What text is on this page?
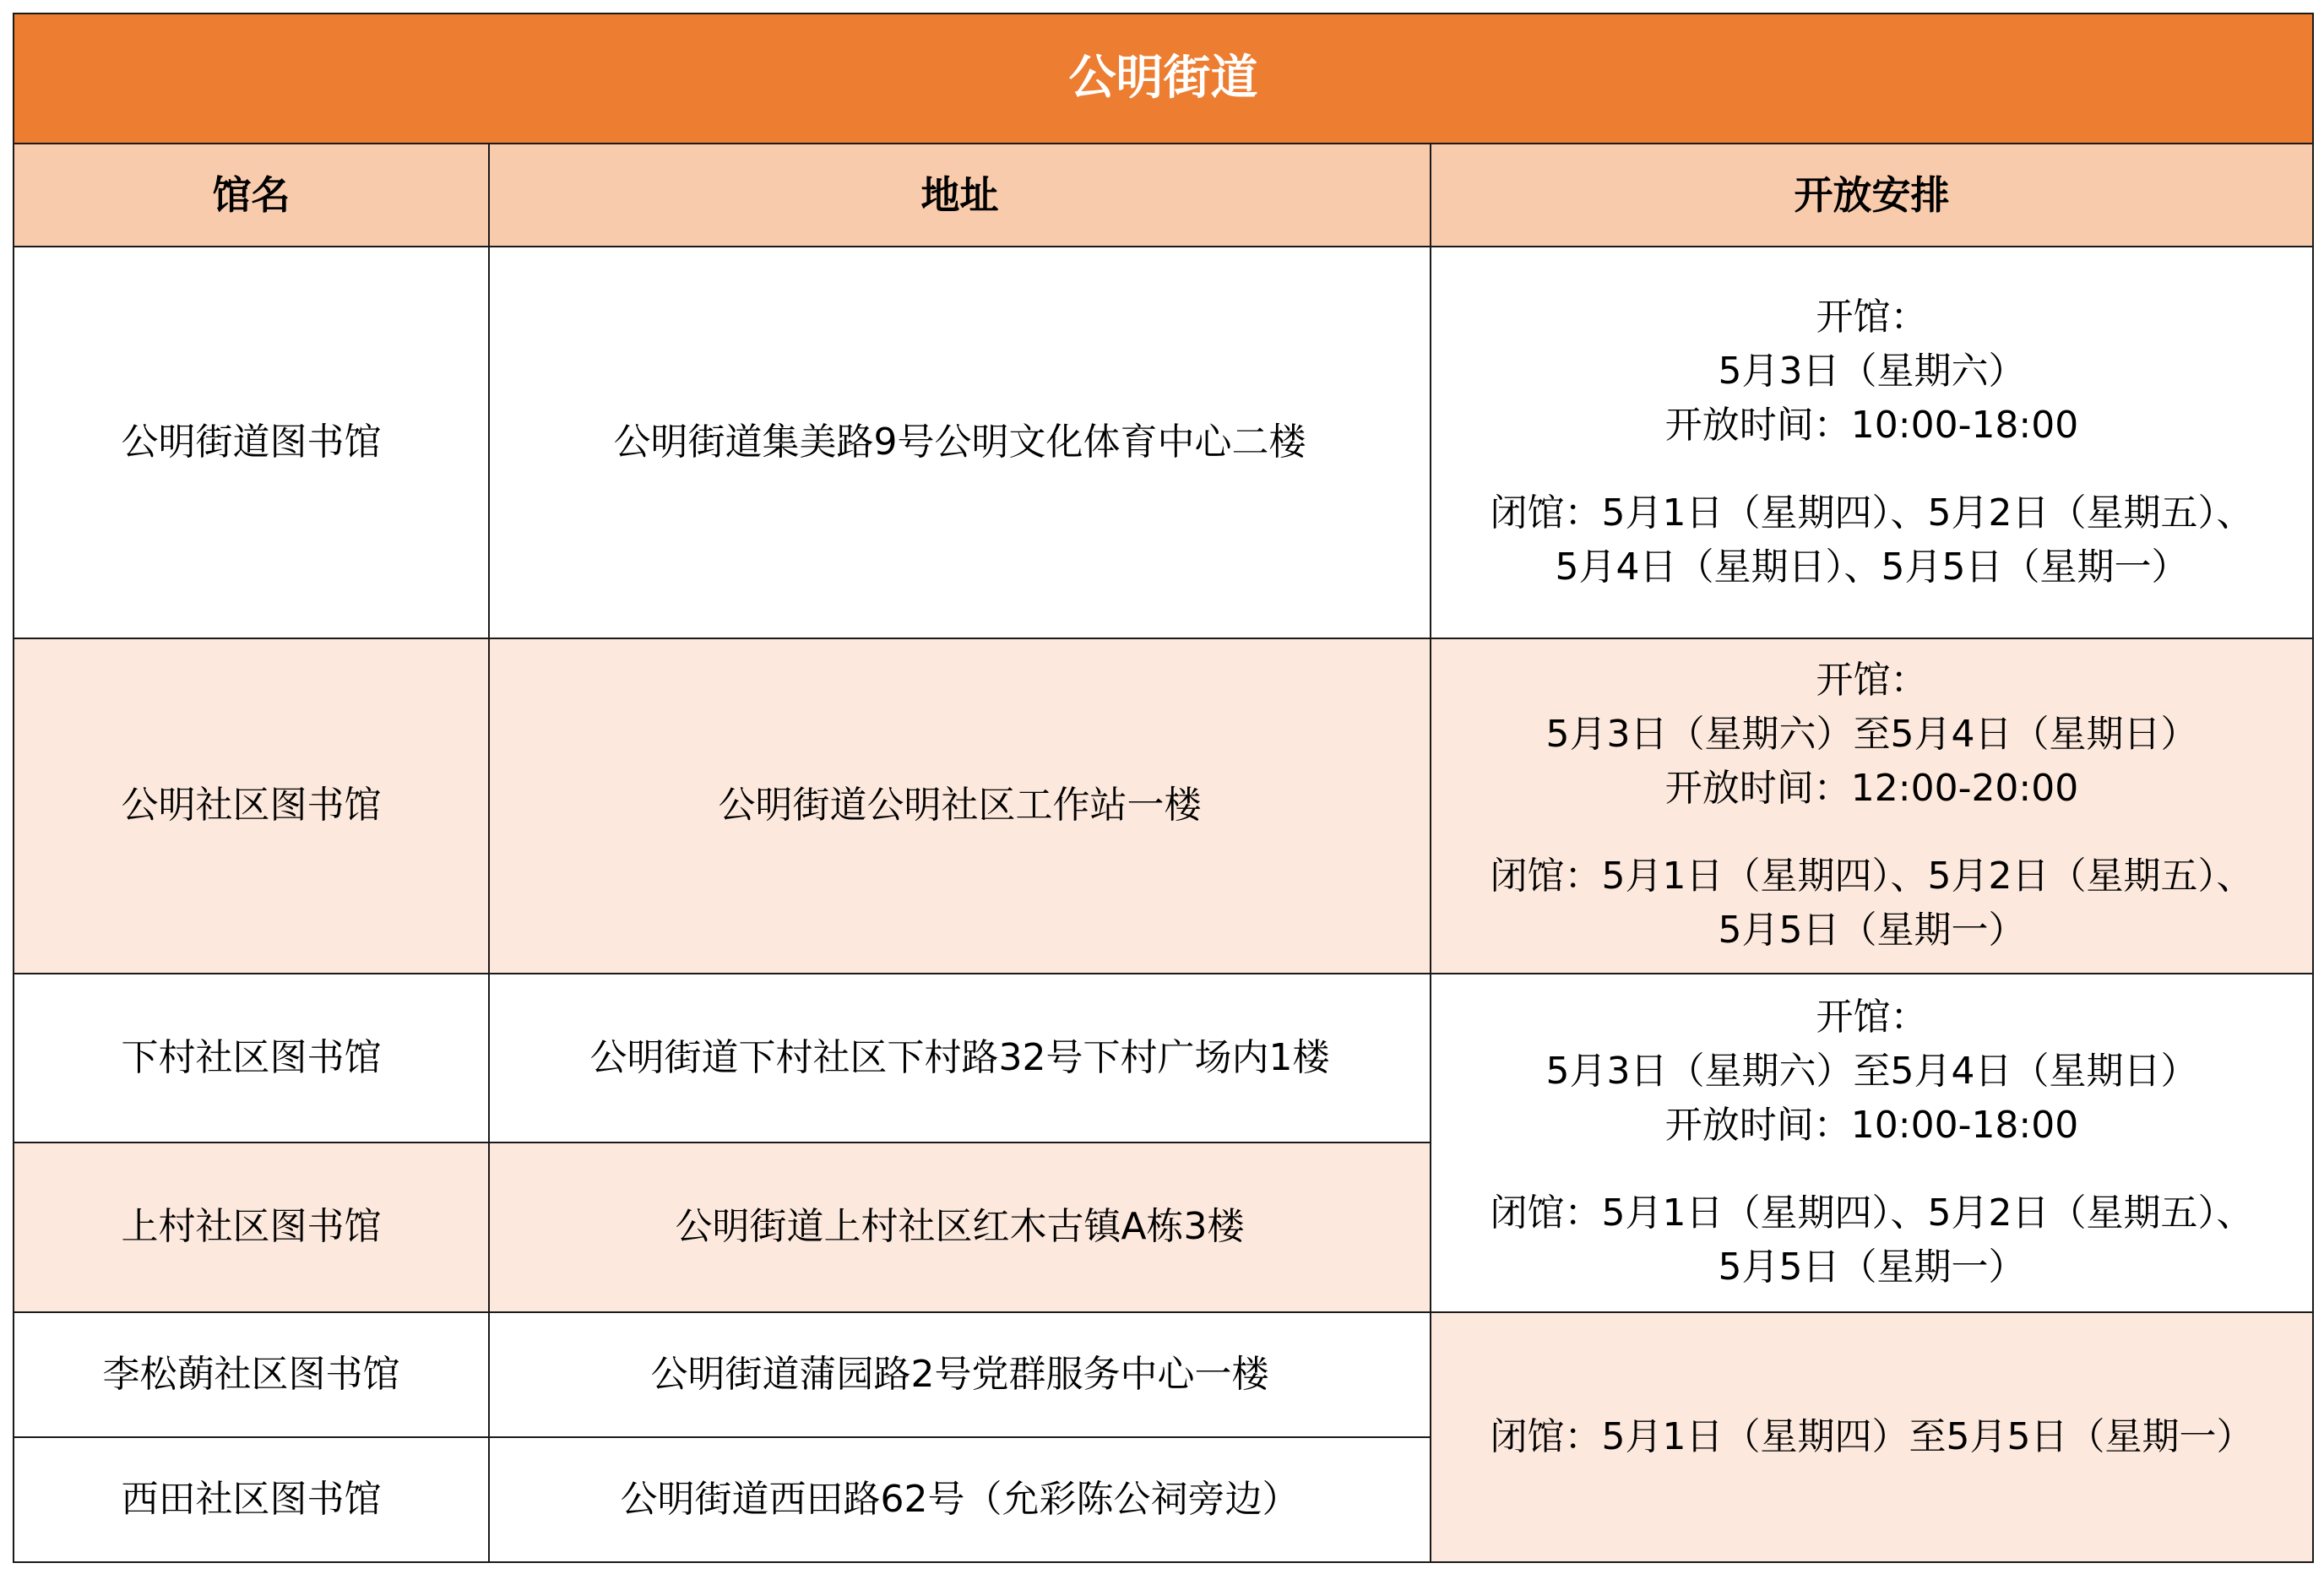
公明街道		
馆名	地址	开放安排
公明街道图书馆	公明街道集美路9号公明文化体育中心二楼	开馆：
5月3日（星期六）
开放时间：10:00-18:00
闭馆：5月1日（星期四）、5月2日（星期五）、
5月4日（星期日）、5月5日（星期一）

公明社区图书馆	公明街道公明社区工作站一楼	开馆：
5月3日（星期六）至5月4日（星期日）
开放时间：12:00-20:00
闭馆：5月1日（星期四）、5月2日（星期五）、
5月5日（星期一）

下村社区图书馆	公明街道下村社区下村路32号下村广场内1楼	开馆：
5月3日（星期六）至5月4日（星期日）
开放时间：10:00-18:00
闭馆：5月1日（星期四）、5月2日（星期五）、
5月5日（星期一）

上村社区图书馆	公明街道上村社区红木古镇A栋3楼	
李松蓢社区图书馆	公明街道蒲园路2号党群服务中心一楼	闭馆：5月1日（星期四）至5月5日（星期一）

西田社区图书馆	公明街道西田路62号（允彩陈公祠旁边）	
